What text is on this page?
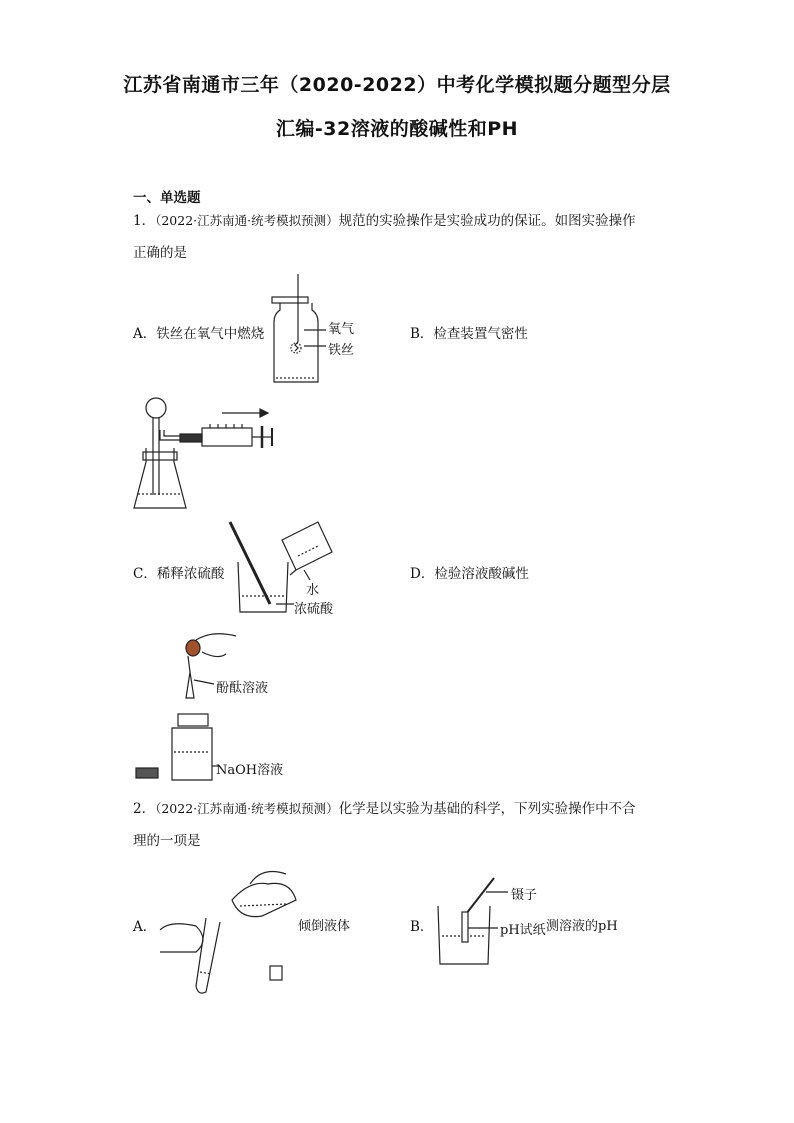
江苏省南通市三年（2020-2022）中考化学模拟题分题型分层
汇编-32溶液的酸碱性和PH
一、单选题
1．（2022·江苏南通·统考模拟预测）规范的实验操作是实验成功的保证。如图实验操作
正确的是
A．铁丝在氧气中燃烧	B．检查装置气密性
C．稀释浓硫酸	D．检验溶液酸碱性
氧气
铁丝
水
浓硫酸
酚酞溶液
NaOH溶液
2．（2022·江苏南通·统考模拟预测）化学是以实验为基础的科学，下列实验操作中不合
理的一项是
A．	B．
倾倒液体
镊子
pH试纸 测溶液的pH
